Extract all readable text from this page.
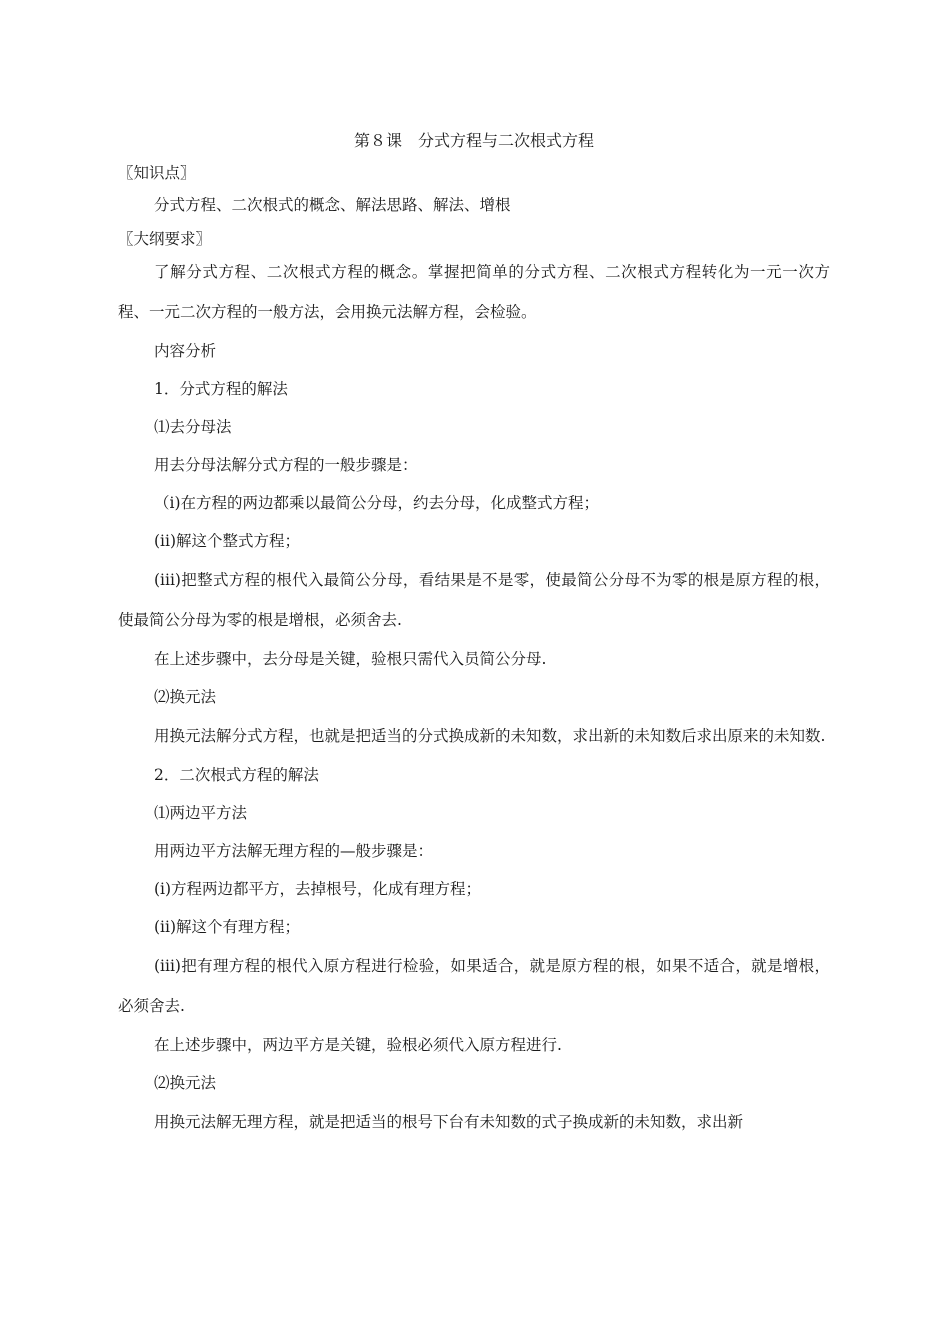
第８课　分式方程与二次根式方程
〖知识点〗
分式方程、二次根式的概念、解法思路、解法、增根
〖大纲要求〗

了解分式方程、二次根式方程的概念。掌握把简单的分式方程、二次根式方程转化为一元一次方程、一元二次方程的一般方法，会用换元法解方程，会检验。

内容分析
1．分式方程的解法
⑴去分母法
用去分母法解分式方程的一般步骤是：
（i)在方程的两边都乘以最简公分母，约去分母，化成整式方程；
(ii)解这个整式方程；

(iii)把整式方程的根代入最简公分母，看结果是不是零，使最简公分母不为零的根是原方程的根，使最简公分母为零的根是增根，必须舍去.

在上述步骤中，去分母是关键，验根只需代入员简公分母.
⑵换元法

用换元法解分式方程，也就是把适当的分式换成新的未知数，求出新的未知数后求出原来的未知数.

2．二次根式方程的解法
⑴两边平方法
用两边平方法解无理方程的—般步骤是：
(i)方程两边都平方，去掉根号，化成有理方程；
(ii)解这个有理方程；

(iii)把有理方程的根代入原方程进行检验，如果适合，就是原方程的根，如果不适合，就是增根，必须舍去.

在上述步骤中，两边平方是关键，验根必须代入原方程进行.
⑵换元法

用换元法解无理方程，就是把适当的根号下台有未知数的式子换成新的未知数，求出新
